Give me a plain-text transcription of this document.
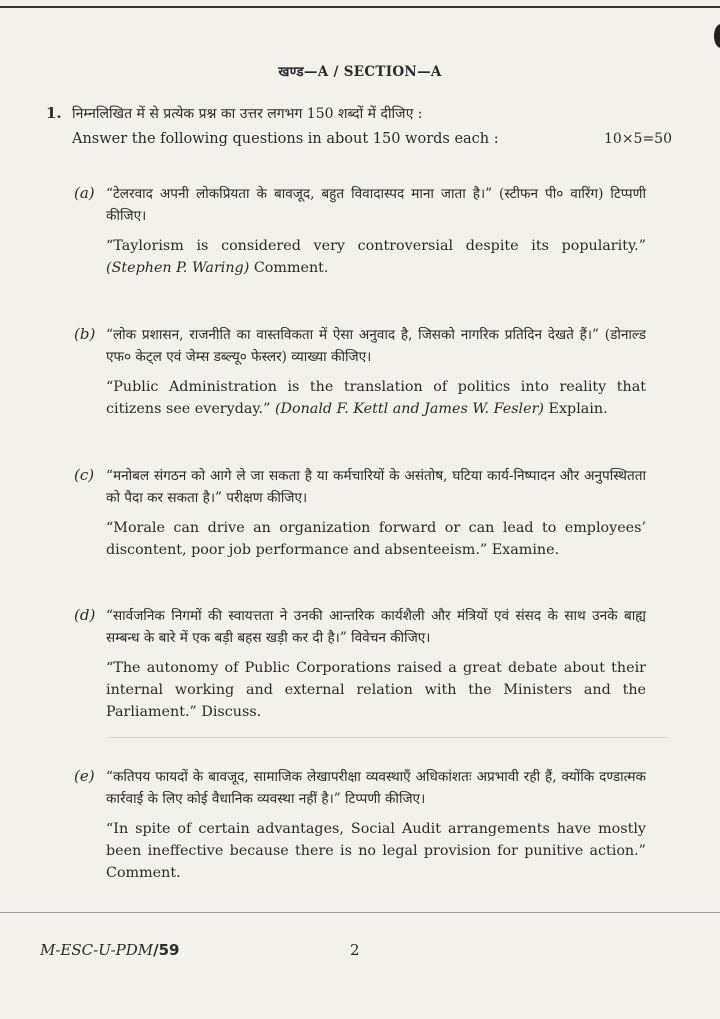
खण्ड—A / SECTION—A
1. निम्नलिखित में से प्रत्येक प्रश्न का उत्तर लगभग 150 शब्दों में दीजिए :
Answer the following questions in about 150 words each :	10×5=50
(a) “टेलरवाद अपनी लोकप्रियता के बावजूद, बहुत विवादास्पद माना जाता है।” (स्टीफन पी० वारिंग) टिप्पणी कीजिए।
“Taylorism is considered very controversial despite its popularity.” (Stephen P. Waring) Comment.
(b) “लोक प्रशासन, राजनीति का वास्तविकता में ऐसा अनुवाद है, जिसको नागरिक प्रतिदिन देखते हैं।” (डोनाल्ड एफ० केट्ल एवं जेम्स डब्ल्यू० फेस्लर) व्याख्या कीजिए।
“Public Administration is the translation of politics into reality that citizens see everyday.” (Donald F. Kettl and James W. Fesler) Explain.
(c) “मनोबल संगठन को आगे ले जा सकता है या कर्मचारियों के असंतोष, घटिया कार्य-निष्पादन और अनुपस्थितता को पैदा कर सकता है।” परीक्षण कीजिए।
“Morale can drive an organization forward or can lead to employees’ discontent, poor job performance and absenteeism.” Examine.
(d) “सार्वजनिक निगमों की स्वायत्तता ने उनकी आन्तरिक कार्यशैली और मंत्रियों एवं संसद के साथ उनके बाह्य सम्बन्ध के बारे में एक बड़ी बहस खड़ी कर दी है।” विवेचन कीजिए।
“The autonomy of Public Corporations raised a great debate about their internal working and external relation with the Ministers and the Parliament.” Discuss.
(e) “कतिपय फायदों के बावजूद, सामाजिक लेखापरीक्षा व्यवस्थाएँ अधिकांशतः अप्रभावी रही हैं, क्योंकि दण्डात्मक कार्रवाई के लिए कोई वैधानिक व्यवस्था नहीं है।” टिप्पणी कीजिए।
“In spite of certain advantages, Social Audit arrangements have mostly been ineffective because there is no legal provision for punitive action.” Comment.
M-ESC-U-PDM/59	2
